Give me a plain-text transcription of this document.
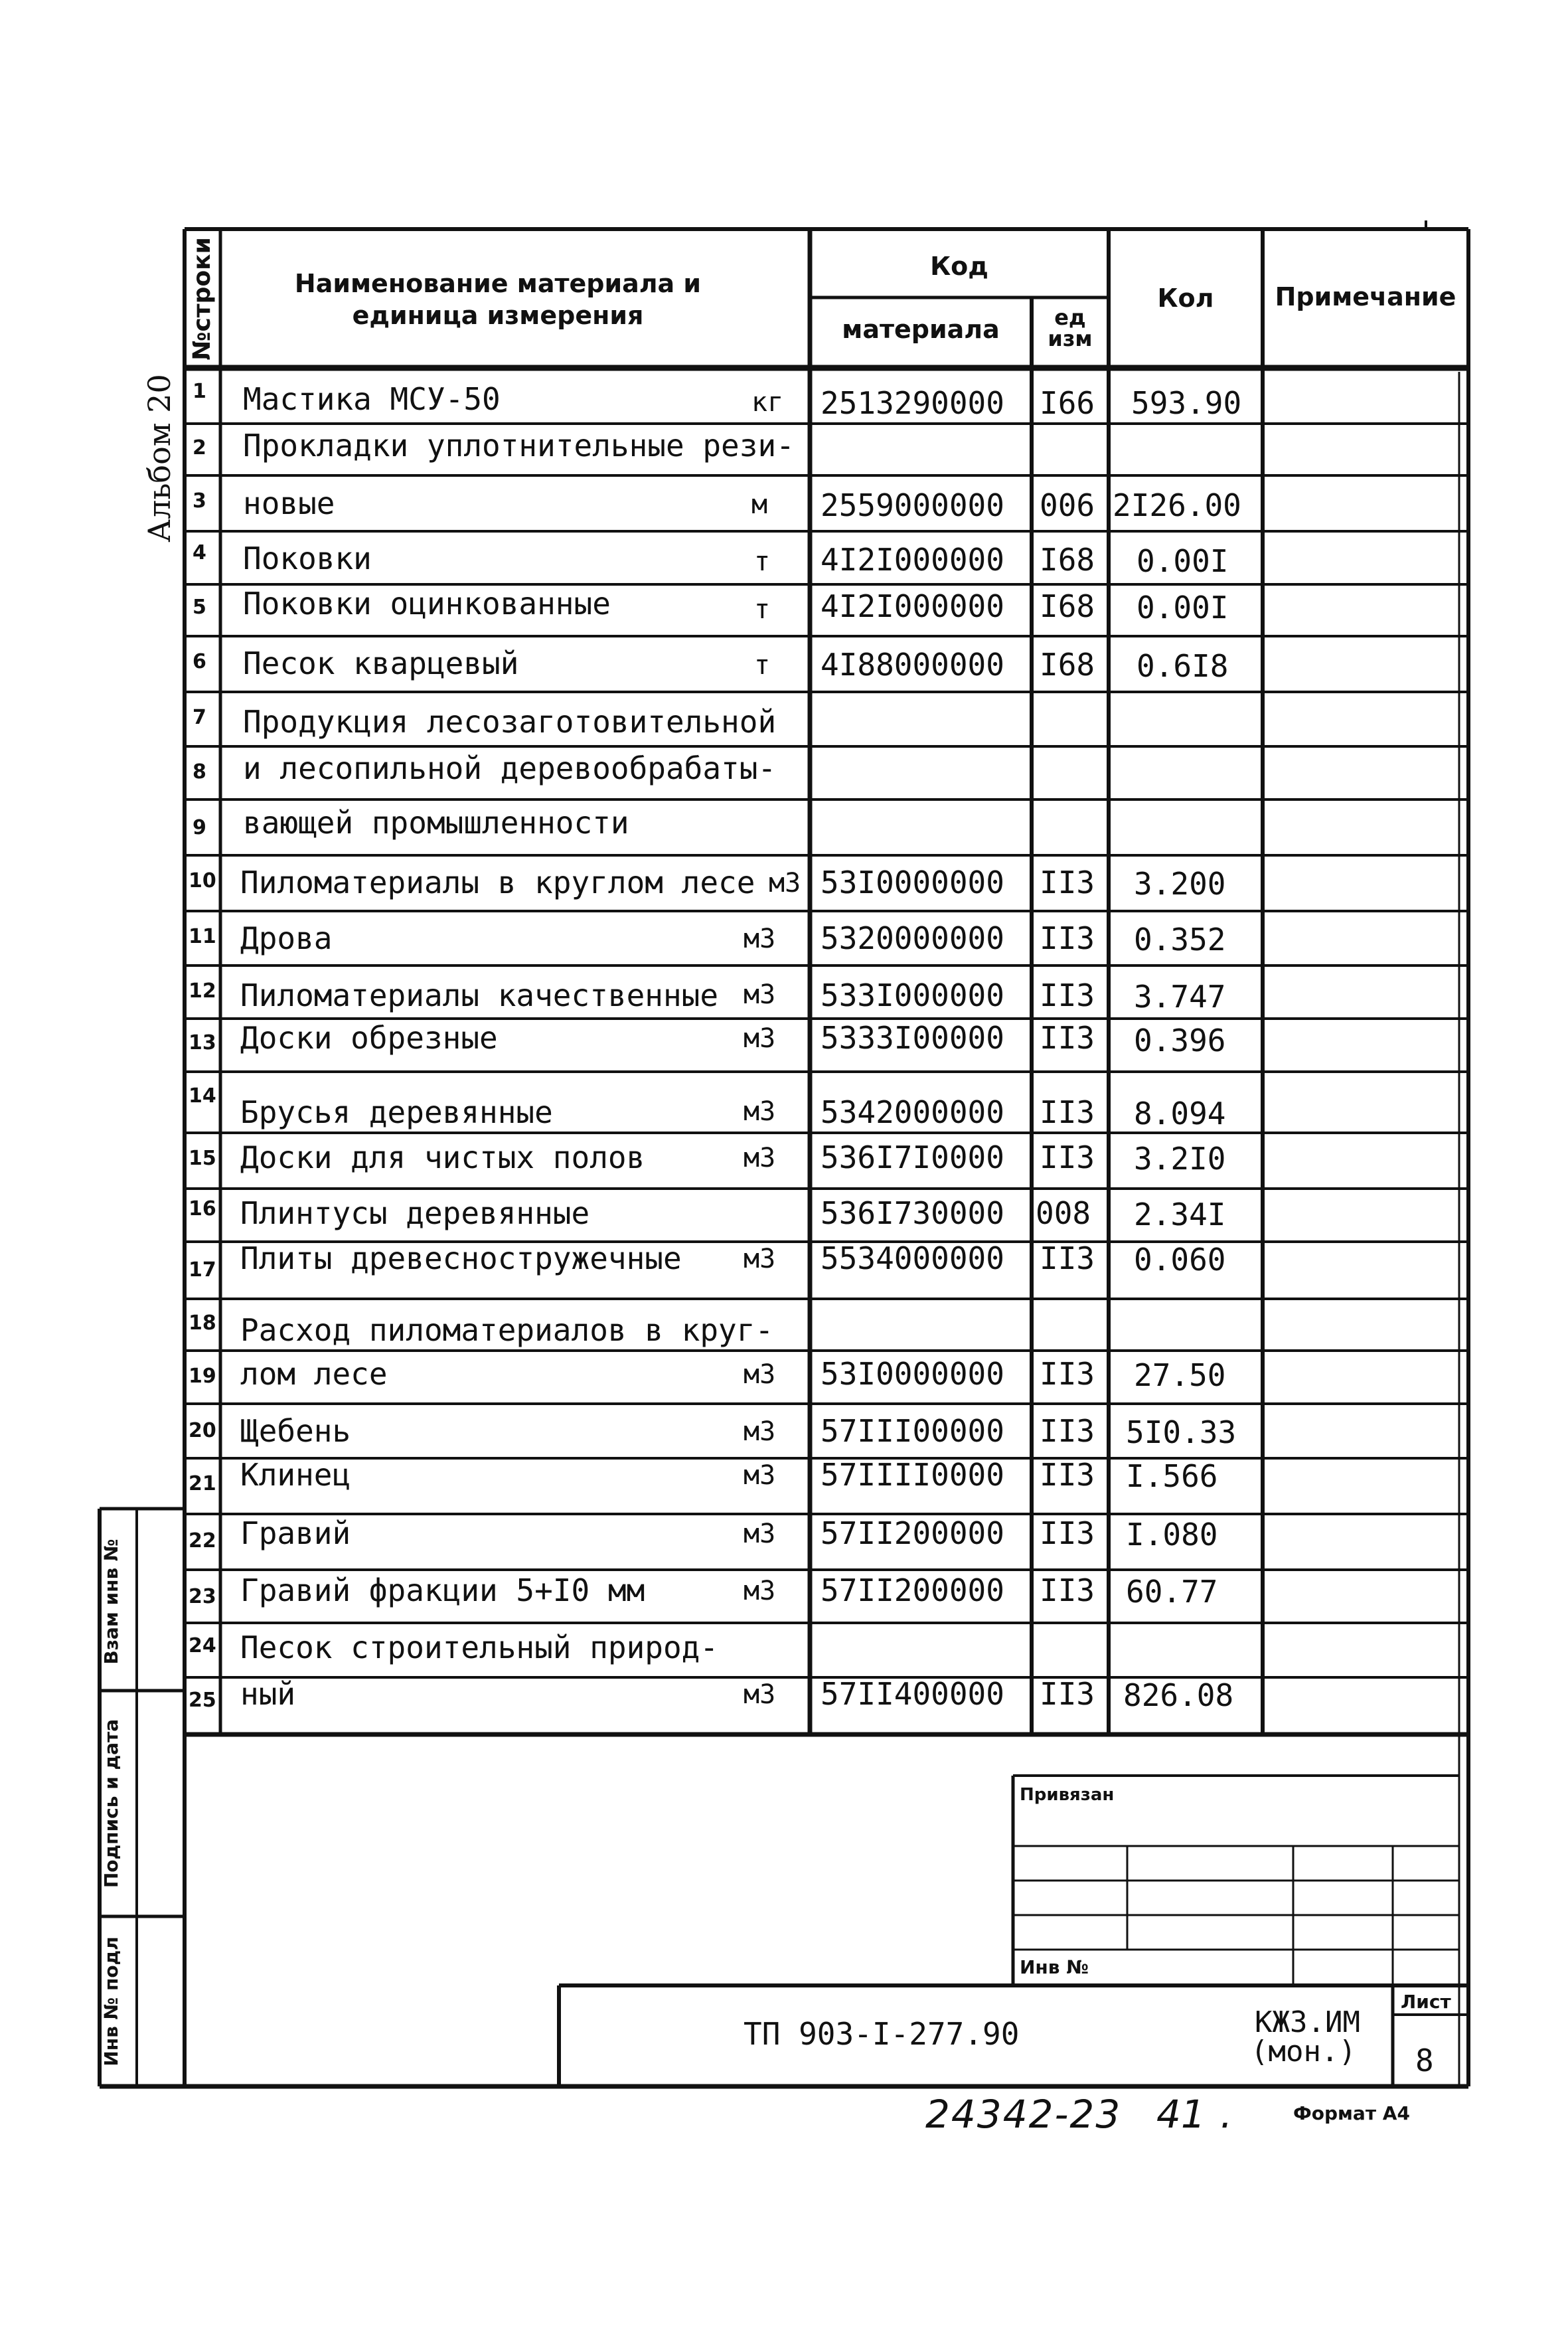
Альбом 20
№строки	Наименование материала и единица измерения
Код
материала	ед изм
Кол	Примечание
1 Мастика МСУ-50	кг 2513290000 I66 593.90
2 Прокладки уплотнительные рези-
3 новые	м 2559000000 006 2I26.00
4 Поковки	т 4I2I000000 I68 0.00I
5 Поковки оцинкованные	т 4I2I000000 I68 0.00I
6 Песок кварцевый	т 4I88000000 I68 0.6I8
7 Продукция лесозаготовительной
8 и лесопильной деревообрабаты-
9 вающей промышленности
10 Пиломатериалы в круглом лесе м3 53I0000000 II3 3.200
11 Дрова	м3 5320000000 II3 0.352
12 Пиломатериалы качественные м3 533I000000 II3 3.747
13 Доски обрезные	м3 5333I00000 II3 0.396
14 Брусья деревянные	м3 5342000000 II3 8.094
15 Доски для чистых полов	м3 536I7I0000 II3 3.2I0
16 Плинтусы деревянные	536I730000 008 2.34I
17 Плиты древесностружечные м3 5534000000 II3 0.060
18 Расход пиломатериалов в круг-
19 лом лесе	м3 53I0000000 II3 27.50
20 Щебень	м3 57III00000 II3 5I0.33
21 Клинец	м3 57IIII0000 II3 I.566
22 Гравий	м3 57II200000 II3 I.080
23 Гравий фракции 5+I0 мм	м3 57II200000 II3 60.77
24 Песок строительный природ-
25 ный	м3 57II400000 II3 826.08
Взам инв №
Подпись и дата
Инв № подл
Привязан
Инв №
ТП 903-I-277.90	КЖ3.ИМ
(мон.)
Лист
8
24342-23 41 .	Формат А4
